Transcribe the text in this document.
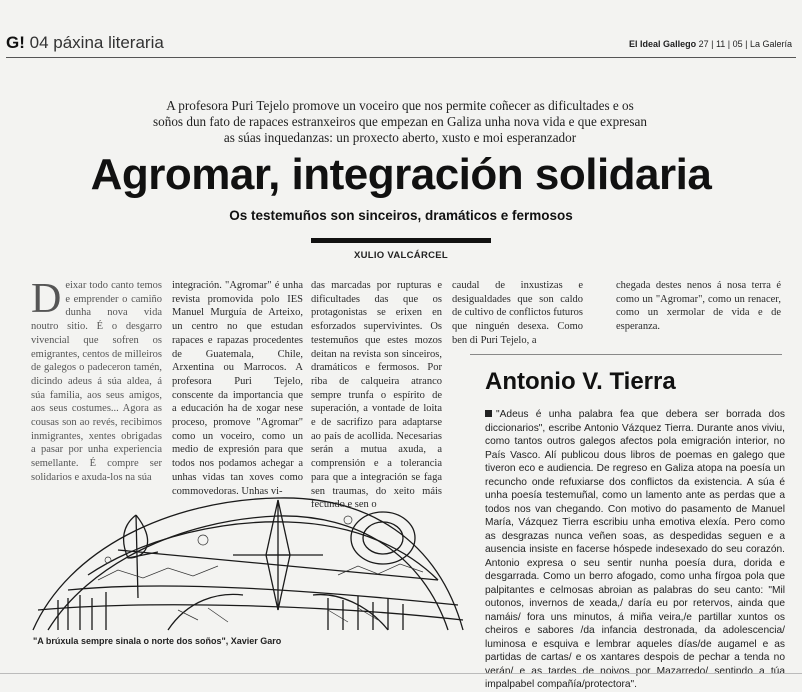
G! 04 páxina literaria	El Ideal Gallego 27 | 11 | 05 | La Galería
A profesora Puri Tejelo promove un voceiro que nos permite coñecer as dificultades e os soños dun fato de rapaces estranxeiros que empezan en Galiza unha nova vida e que expresan as súas inquedanzas: un proxecto aberto, xusto e moi esperanzador
Agromar, integración solidaria
Os testemuños son sinceiros, dramáticos e fermosos
XULIO VALCÁRCEL
D eixar todo canto temos e emprender o camiño dunha nova vida noutro sitio. É o desgarro vivencial que sofren os emigrantes, centos de milleiros de galegos o padeceron tamén, dicindo adeus á súa aldea, á súa familia, aos seus amigos, aos seus costumes... Agora as cousas son ao revés, recibimos inmigrantes, xentes obrigadas a pasar por unha experiencia semellante. É compre ser solidarios e axuda-los na súa
integración. "Agromar" é unha revista promovida polo IES Manuel Murguía de Arteixo, un centro no que estudan rapaces e rapazas procedentes de Guatemala, Chile, Arxentina ou Marrocos. A profesora Puri Tejelo, conscente da importancia que a educación ha de xogar nese proceso, promove "Agromar" como un voceiro, como un medio de expresión para que todos nos podamos achegar a unhas vidas tan xoves como commovedoras. Unhas vi-
das marcadas por rupturas e dificultades das que os protagonistas se erixen en esforzados supervivintes. Os testemuños que estes mozos deitan na revista son sinceiros, dramáticos e fermosos. Por riba de calqueira atranco sempre trunfa o espírito de superación, a vontade de loita e de sacrifizo para adaptarse ao país de acollida. Necesarias serán a mutua axuda, a comprensión e a tolerancia para que a integración se faga sen traumas, do xeito máis fecundo e sen o
caudal de inxustizas e desigualdades que son caldo de cultivo de conflictos futuros que ninguén desexa. Como ben di Puri Tejelo, a
chegada destes nenos á nosa terra é como un "Agromar", como un renacer, como un xermolar de vida e de esperanza.
Antonio V. Tierra
"Adeus é unha palabra fea que debera ser borrada dos diccionarios", escribe Antonio Vázquez Tierra. Durante anos viviu, como tantos outros galegos afectos pola emigración interior, no País Vasco. Alí publicou dous libros de poemas en galego que tiveron eco e audiencia. De regreso en Galiza atopa na poesía un recuncho onde refuxiarse dos conflictos da existencia. A súa é unha poesía testemuñal, como un lamento ante as perdas que a todos nos van chegando. Con motivo do pasamento de Manuel María, Vázquez Tierra escribiu unha emotiva elexía. Pero como as desgrazas nunca veñen soas, as despedidas seguen e a ausencia insiste en facerse hóspede indesexado do seu corazón. Antonio expresa o seu sentir nunha poesía dura, dorida e desgarrada. Como un berro afogado, como unha fírgoa pola que palpitantes e celmosas abroian as palabras do seu canto: "Mil outonos, invernos de xeada,/ daría eu por retervos, ainda que namáis/ fora uns minutos, á miña veira,/e partillar xuntos os cheiros e sabores /da infancia destronada, da adolescencia/ luminosa e esquiva e lembrar aqueles días/de augamel e as partidas de cartas/ e os xantares despois de pechar a tenda no verán/ e as tardes de noivos por Mazarredo/ sentindo a túa impalpabel compañía/protectora".
"A brúxula sempre sinala o norte dos soños", Xavier Garo
